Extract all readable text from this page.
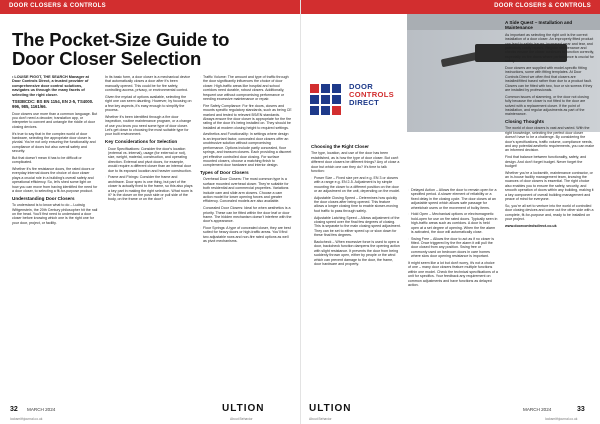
DOOR CLOSERS & CONTROLS
The Pocket-Size Guide to
Door Closer Selection

• LOUISE PIGGT, THE SEARCH Manager at Door Controls Direct, a trusted provider of comprehensive door control solutions, navigates us through the many facets of selecting the right closer.

TS83BCDC: BS EN 1154, EN 2-5, TS4000. 996, 985, 1161/66.

Door closers use more than a common language. But you don't need a decoder, translation app, or interpreter to convert and untangle the riddle of door closing devices.

It's true to say that in the complex world of door hardware, selecting the appropriate door closer is pivotal. You're not only ensuring the functionality and compliance of doors but also overall safety and security.

But that doesn't mean it has to be difficult or complicated.

Whether it's fire resistance doors, fire rated doors or everyday internal doors the choice of door closer plays a crucial role in a building's overall safety and operational efficiency. So, let's shed some light on how you can move from having identified the need for a door closer, to selecting a fit-for-purpose product.

Understanding Door Closers

To understand is to know what to do – Ludwig Wittgenstein, the 20th Century philosopher hit the nail on the head. You'll first need to understand a door closer before knowing which one is the right one for your door, project, or facility.

In its basic form, a door closer is a mechanical device that automatically closes a door after it's been manually opened. This could be for fire safety, controlling access, privacy, or environmental control.

Given the myriad of options available, selecting the right one can seem daunting. However, by focusing on a few key aspects, it's easy enough to simplify the process.

Whether it's been identified through a fire door inspection, routine maintenance program, or a change of use you know you need some type of door closer. Let's get down to choosing the most suitable type for your built environment.

Key Considerations for Selection
• Door Specifications: Consider the door's location (external vs. internal), usage (for external or not), size, weight, material, construction, and operating direction. External and pivot doors, for example, would require a different closer than an internal door due to its exposed location and heavier construction.
• Frame and Fixings: Consider the frame and architrave. Door spec is one thing, but part of the closer is actually fixed to the frame, so this also plays a key part in making the right selection. What room is it? Is the closer on the push side or pull side of the body, on the frame or on the door?
• Traffic Volume: The amount and type of traffic through the door significantly influences the choice of door closer. High-traffic areas like hospital and school corridors need durable, robust closers. Additionally, frequent use without compromising performance or needing excessive maintenance or repair.
• Fire Safety Compliance: For fire doors, closers and mounts specific regulatory standards, such as being CE marked and tested to relevant BS/EN standards. Always ensure the door closer is appropriate for the fire rating of the door it's being installed on. They should be installed at modern closing height to required settings.
• Aesthetics and Functionality: In settings where design is an important factor, concealed door closers offer an unobtrusive solution without compromising performance. Options include partly concealed, floor springs, and transom closers. Each providing a discreet yet effective controlled door closing. For surface mounted closers, choose a matching finish to complement door hardware and interior design.
Types of Door Closers
• Overhead Door Closers: The most common type is a surface mounted overhead closer. They're suitable for both residential and commercial properties. Variations include cam and slide arm closers. Choose a cam action model for lower opening forces and greater efficiency. Concealed models are also available.
• Concealed Door Closers: Ideal for when aesthetics is a priority. These can be fitted within the door leaf or door frame. The hidden mechanism doesn't interfere with the door's appearance.
• Floor Springs: A type of concealed closer, they are best suited for heavy doors or high-traffic areas. You'll find two adjustable rows and non-fire rated options as well as pivot mechanisms.
32 MARCH 2024	ULTION
locksmithjournal.co.uk	About Behavior
DOOR CLOSERS & CONTROLS
DOOR
CONTROLS
DIRECT
Choosing the Right Closer

The type, location, and use of the door has been established, as is how the type of door closer. But can't different door closers be different things? Any of close a door but which one can they do? It's time to talk function:

• Power Size – Fixed size pre and e.g. EN 3 or closers with a range e.g. EN 2-5. Adjustment is by simple mounting the closer to a different position on the door or an adjustment on the unit, depending on the model.
• Adjustable Closing Speed – Determines how quickly the door closes after being opened. This feature allows a longer closing time to enable slower-moving foot traffic to pass through safely.
• Adjustable Latching Speed – Allows adjustment of the closing speed over the final few degrees of closing. This is separate to the main closing speed adjustment. They can be set to either speed up or slow down for these final few degrees.
• Backcheck – When excessive force is used to open a door, backcheck function dampens the opening action with slight resistance. It prevents the door from being suddenly thrown open, either by people or the wind which can prevent damage to the door, the frame, door hardware and property.
• Delayed Action – Allows the door to remain open for a specified period. A slower element of reliability or a fixed delay in the closing cycle. The door closes at an adjustable speed which allows safe passage for wheelchair users or the movement of bulky items.
• Hold Open – Mechanical options or electromagnetic hold-open for use on fire rated doors. Typically seen in high-traffic areas such as corridors. A door is held open at a set degree of opening. When the fire alarm is activated, the door will automatically close.
• Swing Free – Allows the door to act as if no closer is fitted. Once triggered by the fire alarm it will pull the door closed from any position. Swing free or commonly used on bedroom doors in care homes where slow door opening resistance is important.

It might seem like a lot but don't worry, it's not a choice of one – many door closers feature multiple functions within one model. Check the technical specifications of a unit for specifics. Your feedback any requirement on common adjustments and have functions as delayed action.

A Side Quest – Installation and Maintenance

As important as selecting the right unit is the correct installation of a door closer. An improperly fitted product can lead to safety issues, increased wear and tear, and potentially costly repairs. Regular maintenance and checks ensure the closer continues to function correctly, especially on fire doors where performance is crucial for safety.

Door closers are supplied with model-specific fitting instructions, some with fitting templates. At Door Controls Direct we often find that closers are installed/fitted based rather than due to a product fault. Closers can be fitted with two, four or six screws if they are installed by professionals.

Common issues of slamming, or the door not closing fully because the closer is not fitted to the door are solved with a replacement closer. If the point of installation, and regular adjustments as part of the maintenance.

Closing Thoughts

The world of door closers is vast and varied. With the right knowledge, selecting the perfect door closer doesn't have to be a challenge. By considering the door's specifications, traffic volume, compliance needs, and any potential aesthetic requirements, you can make an informed decision.

Find that balance between functionality, safety, and design. And don't forget budget. Never forget the budget!

Whether you're a locksmith, maintenance contractor, or an in-house facility management team, knowing the nuances of door closers is essential. The right choice also enables you to ensure the safety, security, and smooth operation of doors within any building, making it a key component of overall building management and peace of mind for everyone.

So, you're all set to venture into the world of controlled door closing devices and come out the other side with a complete, fit-for-purpose and, ready to be installed on your project.

www.doorcontrolsdirect.co.uk

ULTION	MARCH 2024	33
About Behavior	locksmithjournal.co.uk
